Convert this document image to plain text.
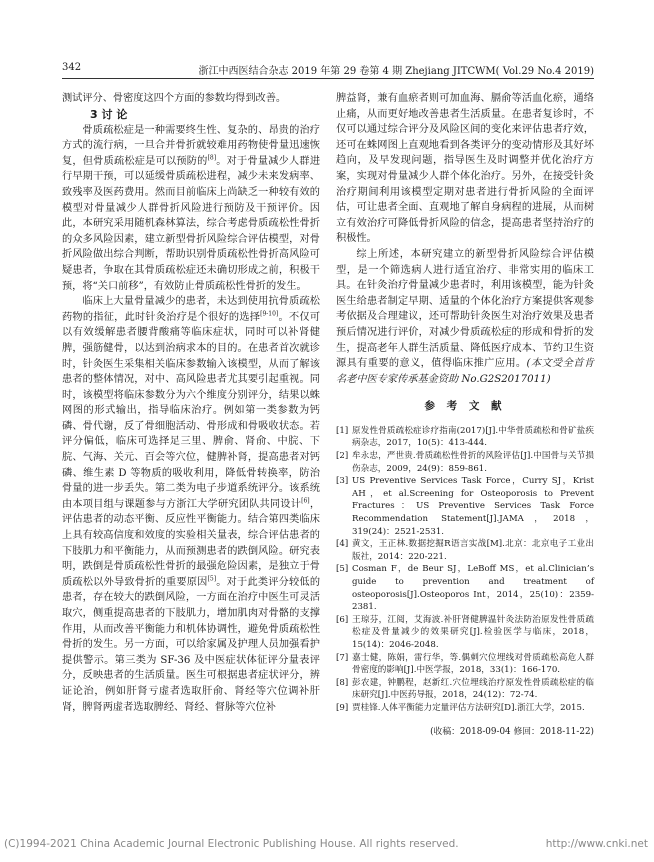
342	浙江中西医结合杂志 2019 年第 29 卷第 4 期 Zhejiang JITCWM( Vol.29 No.4 2019)

测试评分、骨密度这四个方面的参数均得到改善。

3 讨 论

骨质疏松症是一种需要终生性、复杂的、昂贵的治疗方式的流行病，一旦合并骨折就较难用药物使骨量迅速恢复，但骨质疏松症是可以预防的[8]。对于骨量减少人群进行早期干预，可以延缓骨质疏松进程，减少未来发病率、致残率及医药费用。然而目前临床上尚缺乏一种较有效的模型对骨量减少人群骨折风险进行预防及干预评价。因此，本研究采用随机森林算法，综合考虑骨质疏松性骨折的众多风险因素，建立新型骨折风险综合评估模型，对骨折风险做出综合判断，帮助识别骨质疏松性骨折高风险可疑患者，争取在其骨质疏松症还未确切形成之前，积极干预，将“关口前移”，有效防止骨质疏松性骨折的发生。

临床上大量骨量减少的患者，未达到使用抗骨质疏松药物的指征，此时针灸治疗是个很好的选择[9-10]。不仅可以有效缓解患者腰背酸痛等临床症状，同时可以补肾健脾，强筋健骨，以达到治病求本的目的。在患者首次就诊时，针灸医生采集相关临床参数输入该模型，从而了解该患者的整体情况，对中、高风险患者尤其要引起重视。同时，该模型将临床参数分为六个维度分别评分，结果以蛛网图的形式输出，指导临床治疗。例如第一类参数为钙磷、骨代谢，反了骨细胞活动、骨形成和骨吸收状态。若评分偏低，临床可选择足三里、脾俞、肾俞、中脘、下脘、气海、关元、百会等穴位，健脾补肾，提高患者对钙磷、维生素 D 等物质的吸收利用，降低骨转换率，防治骨量的进一步丢失。第二类为电子步道系统评分。该系统由本项目组与课题参与方浙江大学研究团队共同设计[6]，评估患者的动态平衡、反应性平衡能力。结合第四类临床上具有较高信度和效度的实验相关量表，综合评估患者的下肢肌力和平衡能力，从而预测患者的跌倒风险。研究表明，跌倒是骨质疏松性骨折的最强危险因素，是独立于骨质疏松以外导致骨折的重要原因[5]。对于此类评分较低的患者，存在较大的跌倒风险，一方面在治疗中医生可灵活取穴，侧重提高患者的下肢肌力，增加肌肉对骨骼的支撑作用，从而改善平衡能力和机体协调性，避免骨质疏松性骨折的发生。另一方面，可以给家属及护理人员加强看护提供警示。第三类为 SF-36 及中医症状体征评分量表评分，反映患者的生活质量。医生可根据患者症状评分，辨证论治，例如肝肾亏虚者选取肝俞、肾经等穴位调补肝肾，脾肾两虚者选取脾经、肾经、督脉等穴位补

脾益肾，兼有血瘀者则可加血海、膈俞等活血化瘀，通络止痛，从而更好地改善患者生活质量。在患者复诊时，不仅可以通过综合评分及风险区间的变化来评估患者疗效，还可在蛛网图上直观地看到各类评分的变动情形及其好坏趋向，及早发现问题，指导医生及时调整并优化治疗方案，实现对骨量减少人群个体化治疗。另外，在接受针灸治疗期间利用该模型定期对患者进行骨折风险的全面评估，可让患者全面、直观地了解自身病程的进展，从而树立有效治疗可降低骨折风险的信念，提高患者坚持治疗的积极性。

综上所述，本研究建立的新型骨折风险综合评估模型，是一个筛选病人进行适宜治疗、非常实用的临床工具。在针灸治疗骨量减少患者时，利用该模型，能为针灸医生给患者制定早期、适量的个体化治疗方案提供客观参考依据及合理建议，还可帮助针灸医生对治疗效果及患者预后情况进行评价，对减少骨质疏松症的形成和骨折的发生，提高老年人群生活质量、降低医疗成本、节约卫生资源具有重要的意义，值得临床推广应用。(本文受全首肯名老中医专家传承基金资助 No.G2S2017011)

参 考 文 献
[1] 原发性骨质疏松症诊疗指南(2017)[J].中华骨质疏松和骨矿盐疾病杂志，2017，10(5)：413-444.
[2] 牟永忠，严世贵.骨质疏松性骨折的风险评估[J].中国骨与关节损伤杂志，2009，24(9)：859-861.
[3] US Preventive Services Task Force，Curry SJ，Krist AH，et al.Screening for Osteoporosis to Prevent Fractures：US Preventive Services Task Force Recommendation Statement[J].JAMA，2018，319(24)：2521-2531.
[4] 黄文，王正林.数据挖掘R语言实战[M].北京：北京电子工业出版社，2014：220-221.
[5] Cosman F，de Beur SJ，LeBoff MS，et al.Clinician’s guide to prevention and treatment of osteoporosis[J].Osteoporos Int，2014，25(10)：2359-2381.
[6] 王琼芬，江阅，艾海波.补肝肾健脾温针灸法防治原发性骨质疏松症及骨量减少的效果研究[J].检验医学与临床，2018，15(14)：2046-2048.
[7] 嘉士健，陈娟，雷行华，等.偶刺穴位埋线对骨质疏松高危人群骨密度的影响[J].中医学报，2018，33(1)：166-170.
[8] 彭农建，钟鹏程，赵新红.穴位埋线治疗原发性骨质疏松症的临床研究[J].中医药导报，2018，24(12)：72-74.
[9] 贾桂锋.人体平衡能力定量评估方法研究[D].浙江大学，2015.
(收稿：2018-09-04 修回：2018-11-22)
(C)1994-2021 China Academic Journal Electronic Publishing House. All rights reserved.	http://www.cnki.net
